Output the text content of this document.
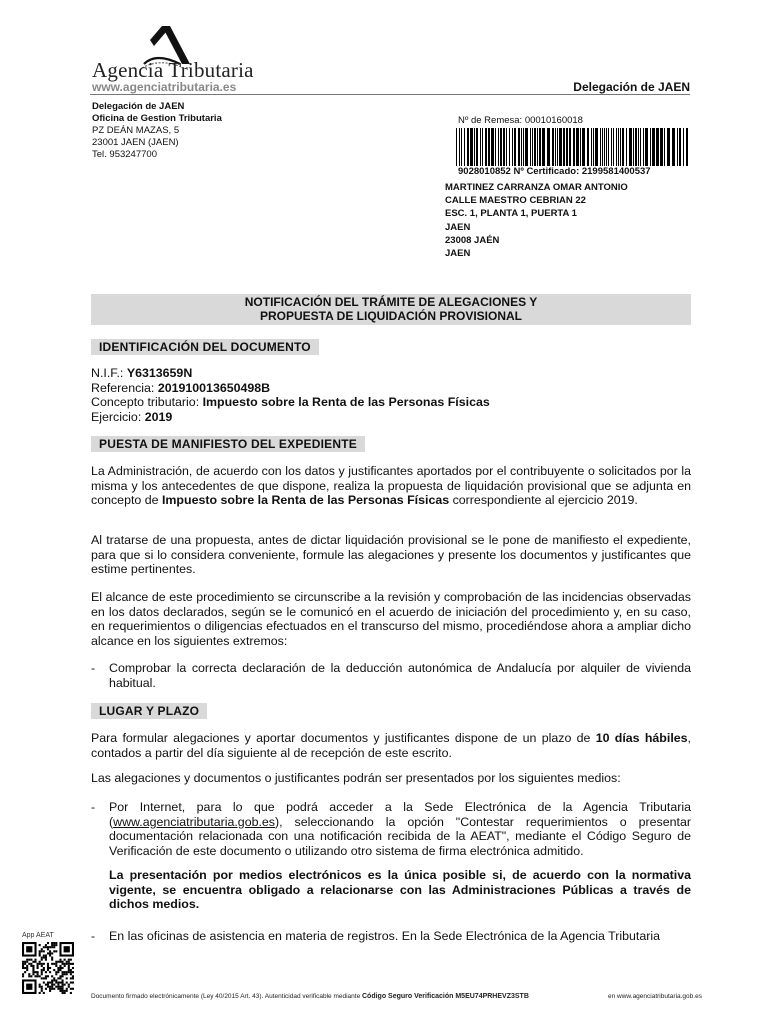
Agencia Tributaria
www.agenciatributaria.es	Delegación de JAEN
Delegación de JAEN
Oficina de Gestion Tributaria
PZ DEÁN MAZAS, 5
23001 JAEN (JAEN)
Tel. 953247700
Nº de Remesa: 00010160018
9028010852 Nº Certificado: 2199581400537
MARTINEZ CARRANZA OMAR ANTONIO
CALLE MAESTRO CEBRIAN 22
ESC. 1, PLANTA 1, PUERTA 1
JAEN
23008 JAÉN
JAEN
NOTIFICACIÓN DEL TRÁMITE DE ALEGACIONES Y
PROPUESTA DE LIQUIDACIÓN PROVISIONAL
IDENTIFICACIÓN DEL DOCUMENTO
N.I.F.: Y6313659N
Referencia: 201910013650498B
Concepto tributario: Impuesto sobre la Renta de las Personas Físicas
Ejercicio: 2019
PUESTA DE MANIFIESTO DEL EXPEDIENTE
La Administración, de acuerdo con los datos y justificantes aportados por el contribuyente o solicitados por la misma y los antecedentes de que dispone, realiza la propuesta de liquidación provisional que se adjunta en concepto de Impuesto sobre la Renta de las Personas Físicas correspondiente al ejercicio 2019.
Al tratarse de una propuesta, antes de dictar liquidación provisional se le pone de manifiesto el expediente, para que si lo considera conveniente, formule las alegaciones y presente los documentos y justificantes que estime pertinentes.
El alcance de este procedimiento se circunscribe a la revisión y comprobación de las incidencias observadas en los datos declarados, según se le comunicó en el acuerdo de iniciación del procedimiento y, en su caso, en requerimientos o diligencias efectuados en el transcurso del mismo, procediéndose ahora a ampliar dicho alcance en los siguientes extremos:
- Comprobar la correcta declaración de la deducción autonómica de Andalucía por alquiler de vivienda habitual.
LUGAR Y PLAZO
Para formular alegaciones y aportar documentos y justificantes dispone de un plazo de 10 días hábiles, contados a partir del día siguiente al de recepción de este escrito.
Las alegaciones y documentos o justificantes podrán ser presentados por los siguientes medios:
- Por Internet, para lo que podrá acceder a la Sede Electrónica de la Agencia Tributaria (www.agenciatributaria.gob.es), seleccionando la opción "Contestar requerimientos o presentar documentación relacionada con una notificación recibida de la AEAT", mediante el Código Seguro de Verificación de este documento o utilizando otro sistema de firma electrónica admitido.
La presentación por medios electrónicos es la única posible si, de acuerdo con la normativa vigente, se encuentra obligado a relacionarse con las Administraciones Públicas a través de dichos medios.
- En las oficinas de asistencia en materia de registros. En la Sede Electrónica de la Agencia Tributaria
App AEAT
Documento firmado electrónicamente (Ley 40/2015 Art. 43). Autenticidad verificable mediante Código Seguro Verificación M5EU74PRHEVZ3STB	en www.agenciatributaria.gob.es
